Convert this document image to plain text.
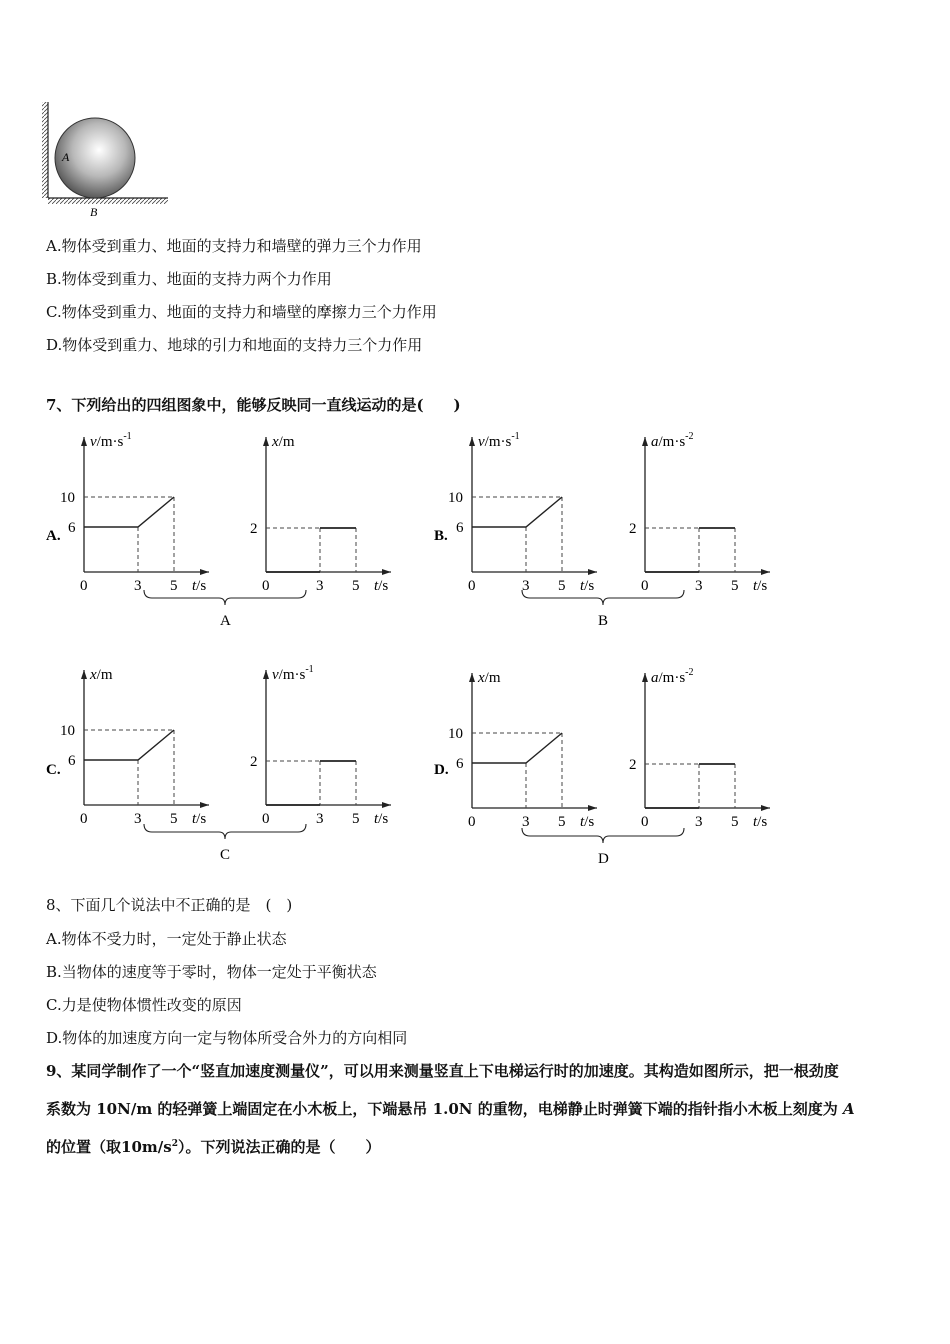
A
B
A.物体受到重力、地面的支持力和墙壁的弹力三个力作用
B.物体受到重力、地面的支持力两个力作用
C.物体受到重力、地面的支持力和墙壁的摩擦力三个力作用
D.物体受到重力、地球的引力和地面的支持力三个力作用
7、下列给出的四组图象中，能够反映同一直线运动的是(　　)
$v/m\cdot s^{-1}$
0	3 5 t/s
10
6
A.
A
x/m
0	3 5 t/s
2
$v/m\cdot s^{-1}$
0	3 5 t/s
10
6
B.
B
$a/m\cdot s^{-2}$
0	3 5 t/s
2
x/m
0	3 5 t/s
10
6
C.
C
$v/m\cdot s^{-1}$
0	3 5 t/s
2
x/m
0	3 5 t/s
10
6
D.
D
$a/m\cdot s^{-2}$
0	3 5 t/s
2
8、下面几个说法中不正确的是　(　)
A.物体不受力时，一定处于静止状态
B.当物体的速度等于零时，物体一定处于平衡状态
C.力是使物体惯性改变的原因
D.物体的加速度方向一定与物体所受合外力的方向相同
9、某同学制作了一个“竖直加速度测量仪”，可以用来测量竖直上下电梯运行时的加速度。其构造如图所示，把一根劲度
系数为 10N/m 的轻弹簧上端固定在小木板上，下端悬吊 1.0N 的重物，电梯静止时弹簧下端的指针指小木板上刻度为 A
的位置（取$10m/s^2$）。下列说法正确的是（　　）
